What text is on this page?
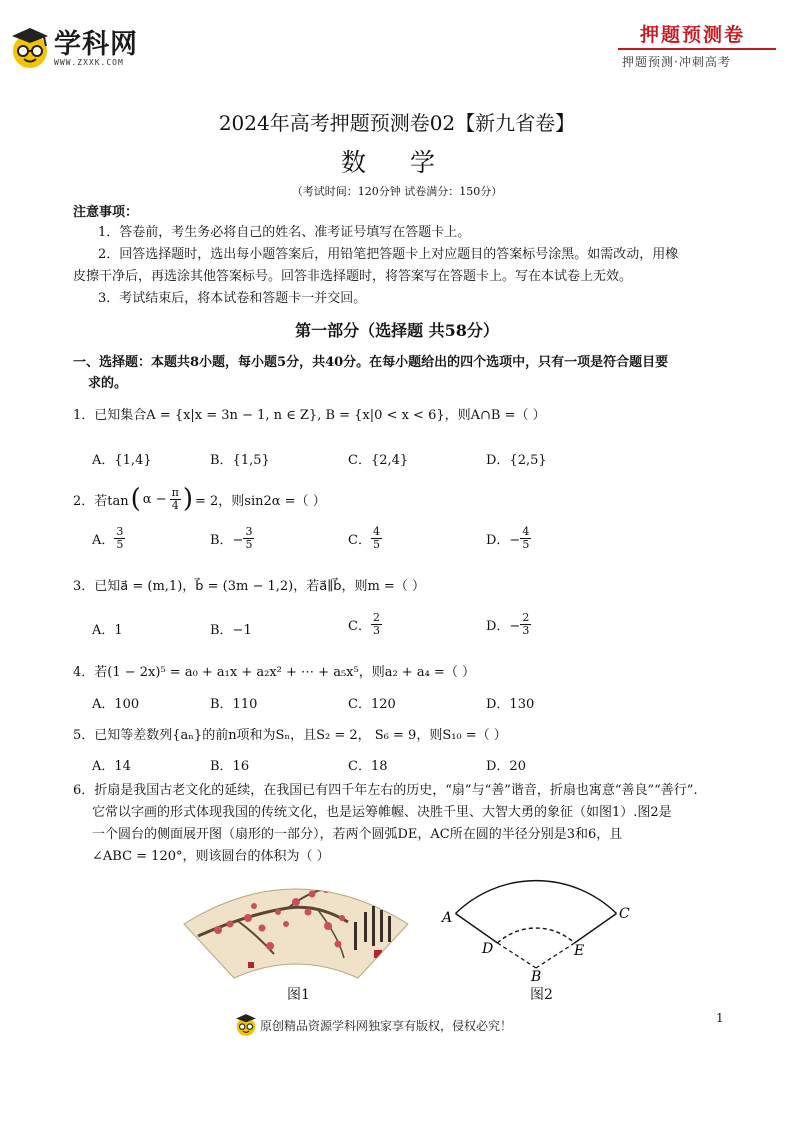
学科网
WWW.ZXXK.COM
押题预测卷
押题预测·冲刺高考
2024年高考押题预测卷02【新九省卷】
数 学
（考试时间：120分钟 试卷满分：150分）
注意事项：
1．答卷前，考生务必将自己的姓名、准考证号填写在答题卡上。
2．回答选择题时，选出每小题答案后，用铅笔把答题卡上对应题目的答案标号涂黑。如需改动，用橡
皮擦干净后，再选涂其他答案标号。回答非选择题时，将答案写在答题卡上。写在本试卷上无效。
3．考试结束后，将本试卷和答题卡一并交回。
第一部分（选择题 共58分）
一、选择题：本题共8小题，每小题5分，共40分。在每小题给出的四个选项中，只有一项是符合题目要
求的。
1．已知集合A = {x|x = 3n − 1, n ∈ Z}, B = {x|0 < x < 6}，则A∩B =（ ）
A．{1,4}	B．{1,5}	C．{2,4}	D．{2,5}
2．若tan ( $\alpha - \frac{\pi}{4}$ ) = 2，则sin2α =（ ）
A． $\frac{3}{5}$	B．− $\frac{3}{5}$	C． $\frac{4}{5}$	D．− $\frac{4}{5}$
3．已知a⃗ = (m,1)，b⃗ = (3m − 1,2)，若a⃗∥b⃗，则m =（ ）
A．1	B．−1	C． $\frac{2}{3}$	D．− $\frac{2}{3}$
4．若(1 − 2x)⁵ = a₀ + a₁x + a₂x² + ⋯ + a₅x⁵，则a₂ + a₄ =（ ）
A．100	B．110	C．120	D．130
5．已知等差数列{aₙ}的前n项和为Sₙ，且S₂ = 2， S₆ = 9，则S₁₀ =（ ）
A．14	B．16	C．18	D．20
6．折扇是我国古老文化的延续，在我国已有四千年左右的历史，“扇”与“善”谐音，折扇也寓意“善良”“善行”.
它常以字画的形式体现我国的传统文化，也是运筹帷幄、决胜千里、大智大勇的象征（如图1）.图2是
一个圆台的侧面展开图（扇形的一部分），若两个圆弧DE，AC所在圆的半径分别是3和6，且
∠ABC = 120°，则该圆台的体积为（ ）
图1
A	C
D	E
B
图2
原创精品资源学科网独家享有版权，侵权必究！
1
